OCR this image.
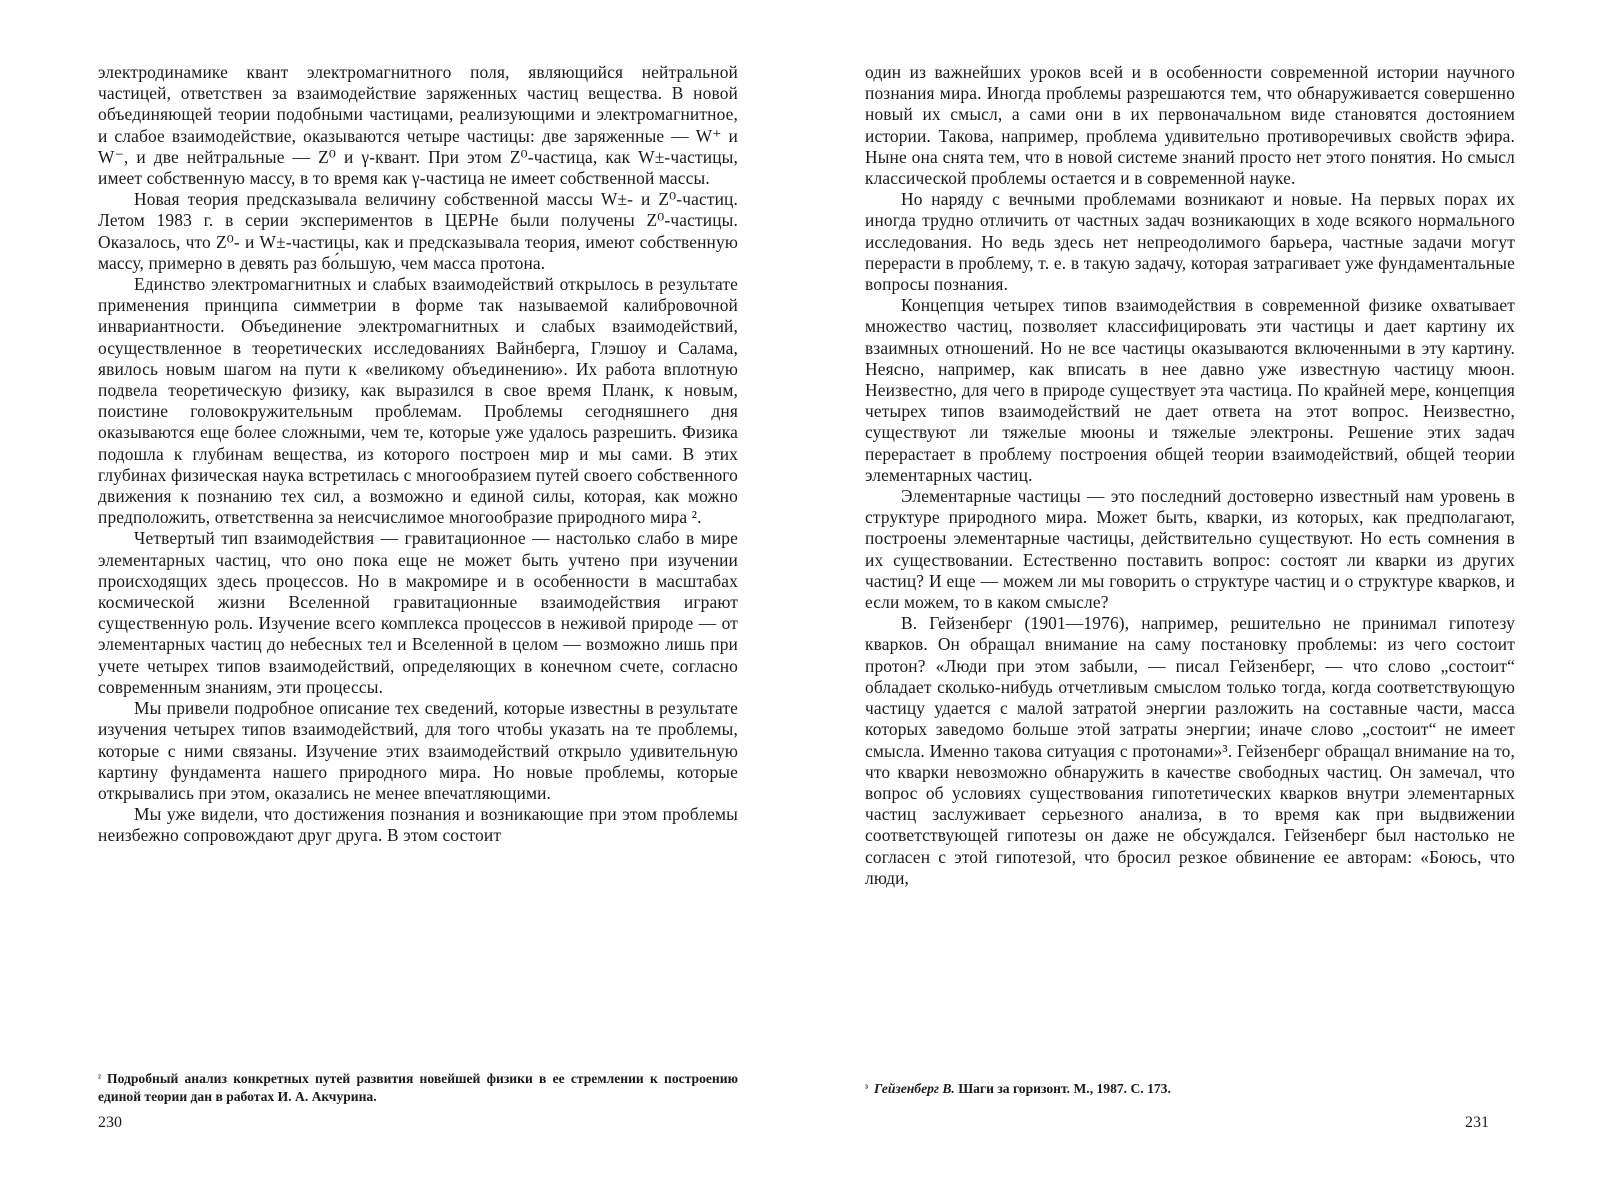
электродинамике квант электромагнитного поля, являющийся нейтральной частицей, ответствен за взаимодействие заряженных частиц вещества. В новой объединяющей теории подобными частицами, реализующими и электромагнитное, и слабое взаимодействие, оказываются четыре частицы: две заряженные — W⁺ и W⁻, и две нейтральные — Z⁰ и γ-квант. При этом Z⁰-частица, как W±-частицы, имеет собственную массу, в то время как γ-частица не имеет собственной массы.

Новая теория предсказывала величину собственной массы W±- и Z⁰-частиц. Летом 1983 г. в серии экспериментов в ЦЕРНе были получены Z⁰-частицы. Оказалось, что Z⁰- и W±-частицы, как и предсказывала теория, имеют собственную массу, примерно в девять раз бо́льшую, чем масса протона.

Единство электромагнитных и слабых взаимодействий открылось в результате применения принципа симметрии в форме так называемой калибровочной инвариантности. Объединение электромагнитных и слабых взаимодействий, осуществленное в теоретических исследованиях Вайнберга, Глэшоу и Салама, явилось новым шагом на пути к «великому объединению». Их работа вплотную подвела теоретическую физику, как выразился в свое время Планк, к новым, поистине головокружительным проблемам. Проблемы сегодняшнего дня оказываются еще более сложными, чем те, которые уже удалось разрешить. Физика подошла к глубинам вещества, из которого построен мир и мы сами. В этих глубинах физическая наука встретилась с многообразием путей своего собственного движения к познанию тех сил, а возможно и единой силы, которая, как можно предположить, ответственна за неисчислимое многообразие природного мира ².

Четвертый тип взаимодействия — гравитационное — настолько слабо в мире элементарных частиц, что оно пока еще не может быть учтено при изучении происходящих здесь процессов. Но в макромире и в особенности в масштабах космической жизни Вселенной гравитационные взаимодействия играют существенную роль. Изучение всего комплекса процессов в неживой природе — от элементарных частиц до небесных тел и Вселенной в целом — возможно лишь при учете четырех типов взаимодействий, определяющих в конечном счете, согласно современным знаниям, эти процессы.

Мы привели подробное описание тех сведений, которые известны в результате изучения четырех типов взаимодействий, для того чтобы указать на те проблемы, которые с ними связаны. Изучение этих взаимодействий открыло удивительную картину фундамента нашего природного мира. Но новые проблемы, которые открывались при этом, оказались не менее впечатляющими.

Мы уже видели, что достижения познания и возникающие при этом проблемы неизбежно сопровождают друг друга. В этом состоит

$^{^2}$ Подробный анализ конкретных путей развития новейшей физики в ее стремлении к построению единой теории дан в работах И. А. Акчурина.
230

один из важнейших уроков всей и в особенности современной истории научного познания мира. Иногда проблемы разрешаются тем, что обнаруживается совершенно новый их смысл, а сами они в их первоначальном виде становятся достоянием истории. Такова, например, проблема удивительно противоречивых свойств эфира. Ныне она снята тем, что в новой системе знаний просто нет этого понятия. Но смысл классической проблемы остается и в современной науке.

Но наряду с вечными проблемами возникают и новые. На первых порах их иногда трудно отличить от частных задач возникающих в ходе всякого нормального исследования. Но ведь здесь нет непреодолимого барьера, частные задачи могут перерасти в проблему, т. е. в такую задачу, которая затрагивает уже фундаментальные вопросы познания.

Концепция четырех типов взаимодействия в современной физике охватывает множество частиц, позволяет классифицировать эти частицы и дает картину их взаимных отношений. Но не все частицы оказываются включенными в эту картину. Неясно, например, как вписать в нее давно уже известную частицу мюон. Неизвестно, для чего в природе существует эта частица. По крайней мере, концепция четырех типов взаимодействий не дает ответа на этот вопрос. Неизвестно, существуют ли тяжелые мюоны и тяжелые электроны. Решение этих задач перерастает в проблему построения общей теории взаимодействий, общей теории элементарных частиц.

Элементарные частицы — это последний достоверно известный нам уровень в структуре природного мира. Может быть, кварки, из которых, как предполагают, построены элементарные частицы, действительно существуют. Но есть сомнения в их существовании. Естественно поставить вопрос: состоят ли кварки из других частиц? И еще — можем ли мы говорить о структуре частиц и о структуре кварков, и если можем, то в каком смысле?

В. Гейзенберг (1901—1976), например, решительно не принимал гипотезу кварков. Он обращал внимание на саму постановку проблемы: из чего состоит протон? «Люди при этом забыли, — писал Гейзенберг, — что слово „состоит“ обладает сколько-нибудь отчетливым смыслом только тогда, когда соответствующую частицу удается с малой затратой энергии разложить на составные части, масса которых заведомо больше этой затраты энергии; иначе слово „состоит“ не имеет смысла. Именно такова ситуация с протонами»³. Гейзенберг обращал внимание на то, что кварки невозможно обнаружить в качестве свободных частиц. Он замечал, что вопрос об условиях существования гипотетических кварков внутри элементарных частиц заслуживает серьезного анализа, в то время как при выдвижении соответствующей гипотезы он даже не обсуждался. Гейзенберг был настолько не согласен с этой гипотезой, что бросил резкое обвинение ее авторам: «Боюсь, что люди,

$^{^3}$ Гейзенберг В. Шаги за горизонт. М., 1987. С. 173.
231
